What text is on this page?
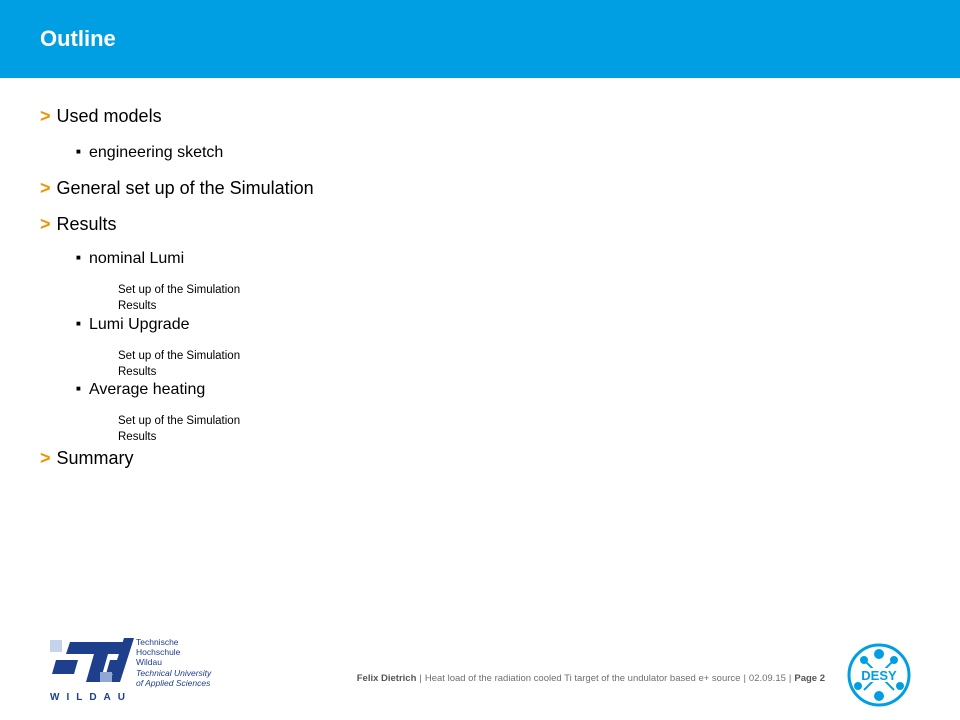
Outline
> Used models
■ engineering sketch
> General set up of the Simulation
> Results
■ nominal Lumi
Set up of the Simulation
Results
■ Lumi Upgrade
Set up of the Simulation
Results
■ Average heating
Set up of the Simulation
Results
> Summary
WILDAU
Technische
Hochschule
Wildau
Technical University
of Applied Sciences	Felix Dietrich | Heat load of the radiation cooled Ti target of the undulator based e+ source | 02.09.15 | Page 2	DESY
